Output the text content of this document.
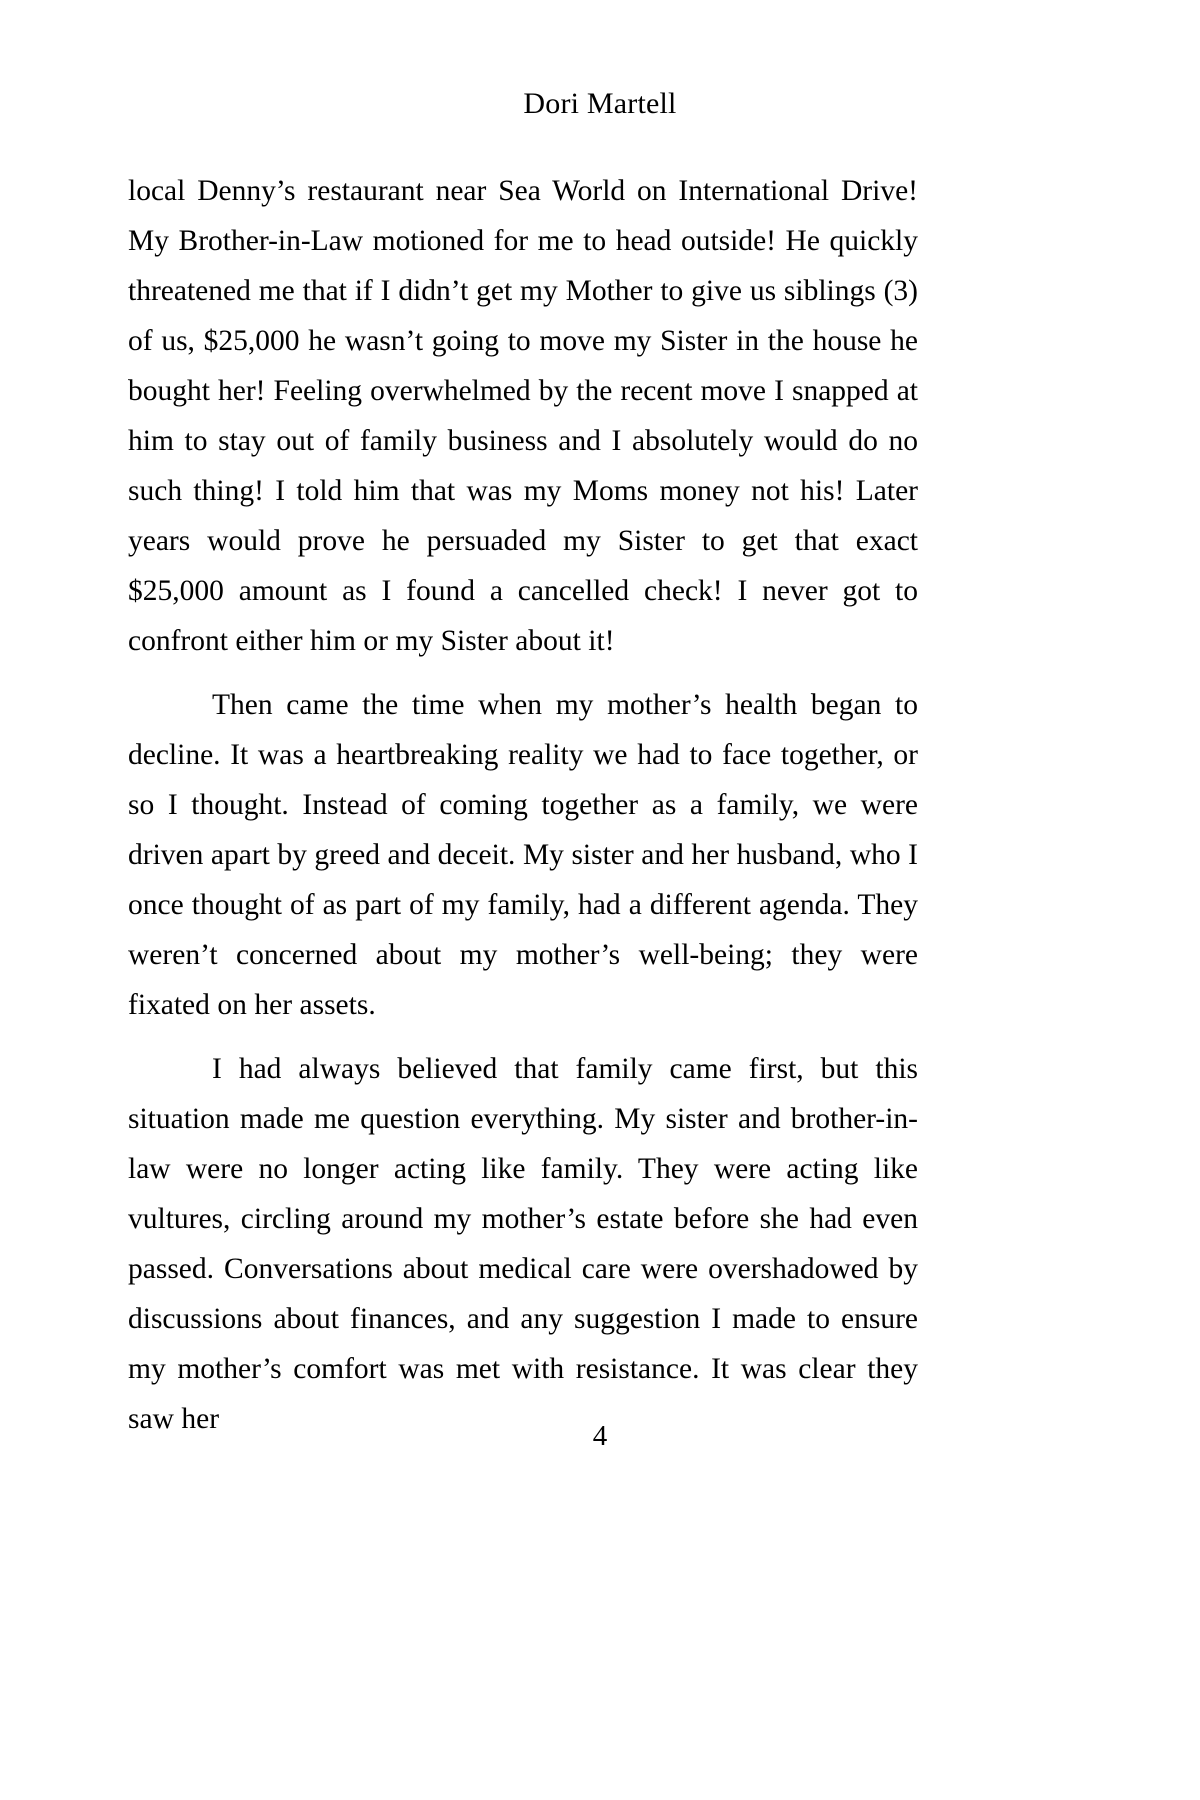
Dori Martell

local Denny’s restaurant near Sea World on International Drive! My Brother-in-Law motioned for me to head outside! He quickly threatened me that if I didn’t get my Mother to give us siblings (3) of us, $25,000 he wasn’t going to move my Sister in the house he bought her! Feeling overwhelmed by the recent move I snapped at him to stay out of family business and I absolutely would do no such thing! I told him that was my Moms money not his! Later years would prove he persuaded my Sister to get that exact $25,000 amount as I found a cancelled check! I never got to confront either him or my Sister about it!

Then came the time when my mother’s health began to decline. It was a heartbreaking reality we had to face together, or so I thought. Instead of coming together as a family, we were driven apart by greed and deceit. My sister and her husband, who I once thought of as part of my family, had a different agenda. They weren’t concerned about my mother’s well-being; they were fixated on her assets.

I had always believed that family came first, but this situation made me question everything. My sister and brother-in-law were no longer acting like family. They were acting like vultures, circling around my mother’s estate before she had even passed. Conversations about medical care were overshadowed by discussions about finances, and any suggestion I made to ensure my mother’s comfort was met with resistance. It was clear they saw her

4
